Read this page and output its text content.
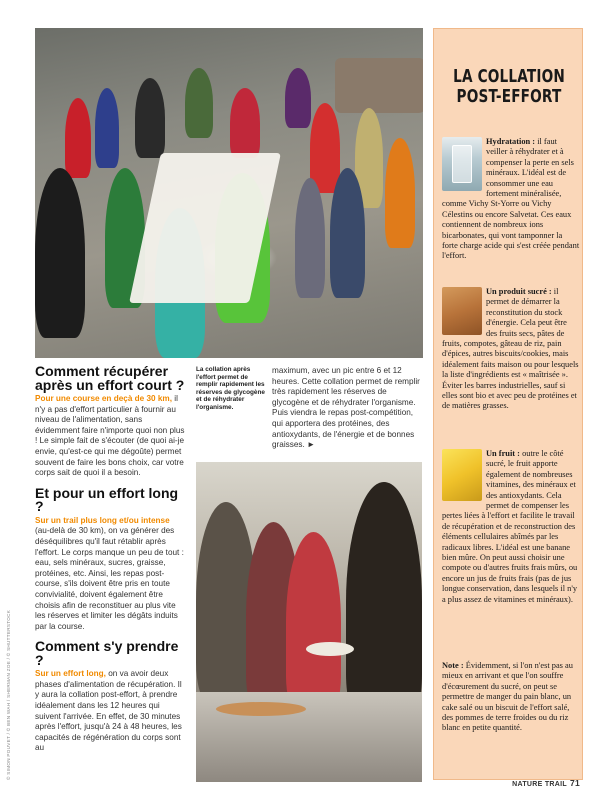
La collation après l'effort permet de remplir rapidement les réserves de glycogène et de réhydrater l'organisme.
Comment récupérer après un effort court ?

Pour une course en deçà de 30 km, il n'y a pas d'effort particulier à fournir au niveau de l'alimentation, sans évidemment faire n'importe quoi non plus ! Le simple fait de s'écouter (de quoi ai-je envie, qu'est-ce qui me dégoûte) permet souvent de faire les bons choix, car votre corps sait de quoi il a besoin.

Et pour un effort long ?

Sur un trail plus long et/ou intense (au-delà de 30 km), on va générer des déséquilibres qu'il faut rétablir après l'effort. Le corps manque un peu de tout : eau, sels minéraux, sucres, graisse, protéines, etc. Ainsi, les repas post-course, s'ils doivent être pris en toute convivialité, doivent également être choisis afin de reconstituer au plus vite les réserves et limiter les dégâts induits par la course.

Comment s'y prendre ?

Sur un effort long, on va avoir deux phases d'alimentation de récupération. Il y aura la collation post-effort, à prendre idéalement dans les 12 heures qui suivent l'arrivée. En effet, de 30 minutes après l'effort, jusqu'à 24 à 48 heures, les capacités de régénération du corps sont au

maximum, avec un pic entre 6 et 12 heures. Cette collation permet de remplir très rapidement les réserves de glycogène et de réhydrater l'organisme. Puis viendra le repas post-compétition, qui apportera des protéines, des antioxydants, de l'énergie et de bonnes graisses. ►

LA COLLATION
POST-EFFORT
Hydratation : il faut veiller à réhydrater et à compenser la perte en sels minéraux. L'idéal est de consommer une eau fortement minéralisée, comme Vichy St-Yorre ou Vichy Célestins ou encore Salvetat. Ces eaux contiennent de nombreux ions bicarbonates, qui vont tamponner la forte charge acide qui s'est créée pendant l'effort.
Un produit sucré : il permet de démarrer la reconstitution du stock d'énergie. Cela peut être des fruits secs, pâtes de fruits, compotes, gâteau de riz, pain d'épices, autres biscuits/cookies, mais idéalement faits maison ou pour lesquels la liste d'ingrédients est « maîtrisée ». Éviter les barres industrielles, sauf si elles sont bio et avec peu de protéines et de matières grasses.
Un fruit : outre le côté sucré, le fruit apporte également de nombreuses vitamines, des minéraux et des antioxydants. Cela permet de compenser les pertes liées à l'effort et facilite le travail de récupération et de reconstruction des éléments cellulaires abîmés par les radicaux libres. L'idéal est une banane bien mûre. On peut aussi choisir une compote ou d'autres fruits frais mûrs, ou encore un jus de fruits frais (pas de jus longue conservation, dans lesquels il n'y a plus assez de vitamines et minéraux).
Note : Évidemment, si l'on n'est pas au mieux en arrivant et que l'on souffre d'écœurement du sucré, on peut se permettre de manger du pain blanc, un cake salé ou un biscuit de l'effort salé, des pommes de terre froides ou du riz blanc en petite quantité.
© SIMON POUVET / © BEN WAH / SHERMAN ZOE / © SHUTTERSTOCK
NATURE TRAIL 71
